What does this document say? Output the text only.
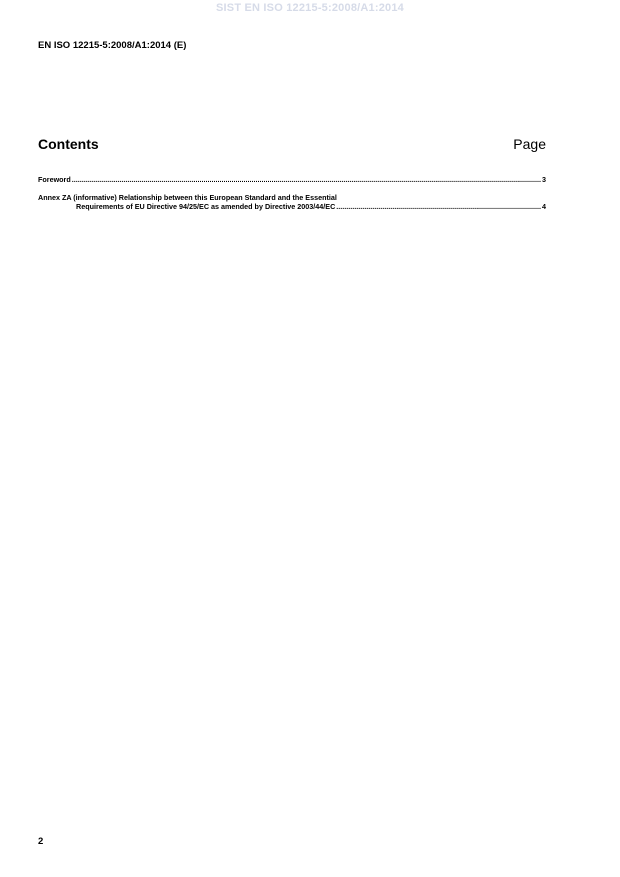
SIST EN ISO 12215-5:2008/A1:2014
EN ISO 12215-5:2008/A1:2014 (E)
Contents	Page
Foreword .....	3
Annex ZA (informative) Relationship between this European Standard and the Essential
Requirements of EU Directive 94/25/EC as amended by Directive 2003/44/EC .....	4
2
